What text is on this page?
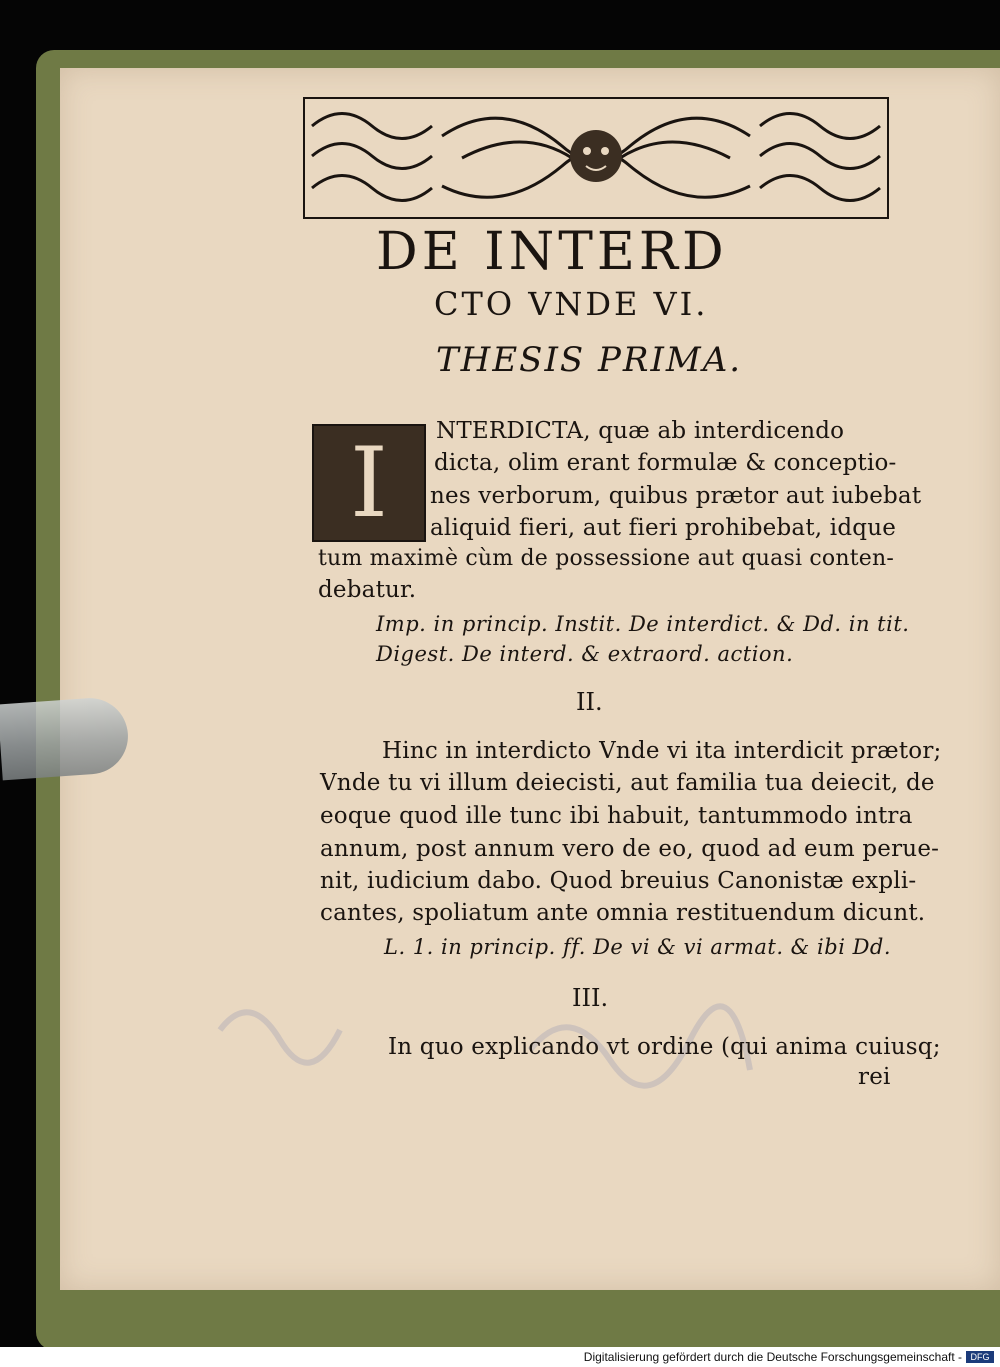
DE INTERD
CTO VNDE VI.
THESIS PRIMA.
I	NTERDICTA, quæ ab interdicendo
dicta, olim erant formulæ & conceptio-
nes verborum, quibus prætor aut iubebat
aliquid fieri, aut fieri prohibebat, idque
tum maximè cùm de possessione aut quasi conten-
debatur.
Imp. in princip. Instit. De interdict. & Dd. in tit.
Digest. De interd. & extraord. action.
II.
Hinc in interdicto Vnde vi ita interdicit prætor;
Vnde tu vi illum deiecisti, aut familia tua deiecit, de
eoque quod ille tunc ibi habuit, tantummodo intra
annum, post annum vero de eo, quod ad eum perue-
nit, iudicium dabo. Quod breuius Canonistæ expli-
cantes, spoliatum ante omnia restituendum dicunt.
L. 1. in princip. ff. De vi & vi armat. & ibi Dd.
III.
In quo explicando vt ordine (qui anima cuiusq;
rei
Digitalisierung gefördert durch die Deutsche Forschungsgemeinschaft - DFG
